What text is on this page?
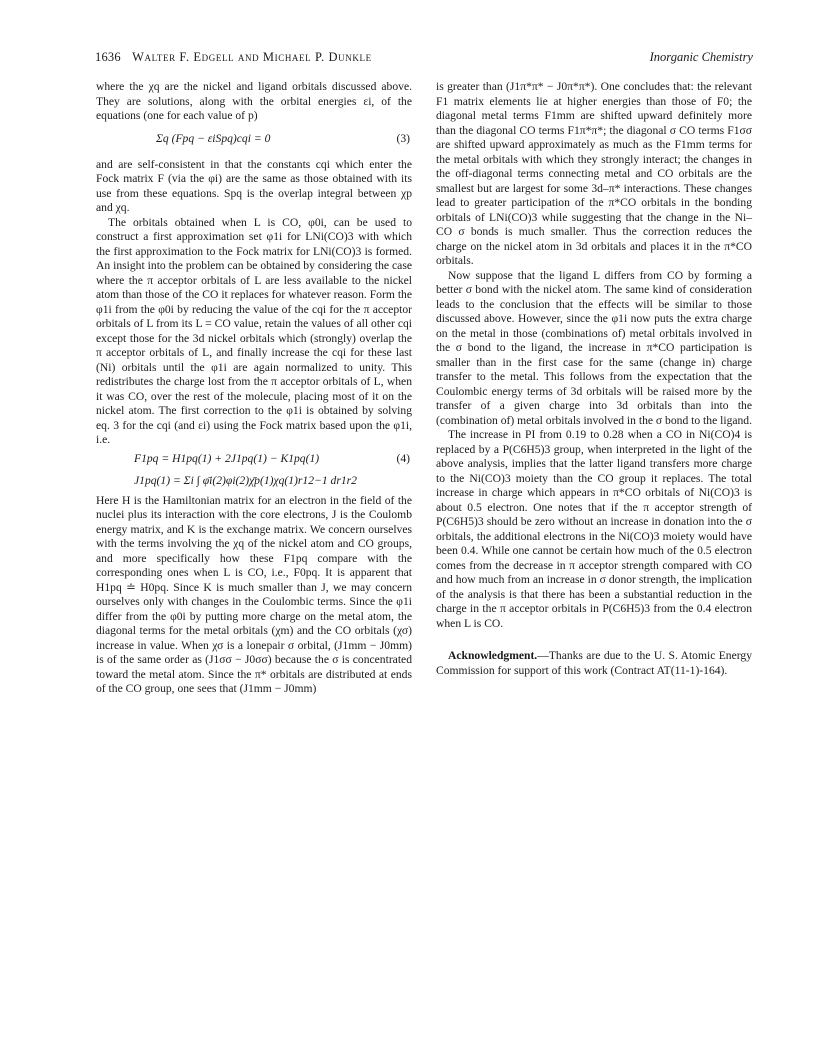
1636 Walter F. Edgell and Michael P. Dunkle	Inorganic Chemistry

where the χq are the nickel and ligand orbitals discussed above. They are solutions, along with the orbital energies εi, of the equations (one for each value of p)

Σq (Fpq − εiSpq)cqi = 0	(3)

and are self-consistent in that the constants cqi which enter the Fock matrix F (via the φi) are the same as those obtained with its use from these equations. Spq is the overlap integral between χp and χq.

The orbitals obtained when L is CO, φ0i, can be used to construct a first approximation set φ1i for LNi(CO)3 with which the first approximation to the Fock matrix for LNi(CO)3 is formed. An insight into the problem can be obtained by considering the case where the π acceptor orbitals of L are less available to the nickel atom than those of the CO it replaces for whatever reason. Form the φ1i from the φ0i by reducing the value of the cqi for the π acceptor orbitals of L from its L = CO value, retain the values of all other cqi except those for the 3d nickel orbitals which (strongly) overlap the π acceptor orbitals of L, and finally increase the cqi for these last (Ni) orbitals until the φ1i are again normalized to unity. This redistributes the charge lost from the π acceptor orbitals of L, when it was CO, over the rest of the molecule, placing most of it on the nickel atom. The first correction to the φ1i is obtained by solving eq. 3 for the cqi (and εi) using the Fock matrix based upon the φ1i, i.e.

F1pq = H1pq(1) + 2J1pq(1) − K1pq(1)	(4)
J1pq(1) = Σi ∫ φ̄i(2)φi(2)χ̄p(1)χq(1)r12−1 dr1r2

Here H is the Hamiltonian matrix for an electron in the field of the nuclei plus its interaction with the core electrons, J is the Coulomb energy matrix, and K is the exchange matrix. We concern ourselves with the terms involving the χq of the nickel atom and CO groups, and more specifically how these F1pq compare with the corresponding ones when L is CO, i.e., F0pq. It is apparent that H1pq ≐ H0pq. Since K is much smaller than J, we may concern ourselves only with changes in the Coulombic terms. Since the φ1i differ from the φ0i by putting more charge on the metal atom, the diagonal terms for the metal orbitals (χm) and the CO orbitals (χσ) increase in value. When χσ is a lonepair σ orbital, (J1mm − J0mm) is of the same order as (J1σσ − J0σσ) because the σ is concentrated toward the metal atom. Since the π* orbitals are distributed at ends of the CO group, one sees that (J1mm − J0mm)

is greater than (J1π*π* − J0π*π*). One concludes that: the relevant F1 matrix elements lie at higher energies than those of F0; the diagonal metal terms F1mm are shifted upward definitely more than the diagonal CO terms F1π*π*; the diagonal σ CO terms F1σσ are shifted upward approximately as much as the F1mm terms for the metal orbitals with which they strongly interact; the changes in the off-diagonal terms connecting metal and CO orbitals are the smallest but are largest for some 3d–π* interactions. These changes lead to greater participation of the π*CO orbitals in the bonding orbitals of LNi(CO)3 while suggesting that the change in the Ni–CO σ bonds is much smaller. Thus the correction reduces the charge on the nickel atom in 3d orbitals and places it in the π*CO orbitals.

Now suppose that the ligand L differs from CO by forming a better σ bond with the nickel atom. The same kind of consideration leads to the conclusion that the effects will be similar to those discussed above. However, since the φ1i now puts the extra charge on the metal in those (combinations of) metal orbitals involved in the σ bond to the ligand, the increase in π*CO participation is smaller than in the first case for the same (change in) charge transfer to the metal. This follows from the expectation that the Coulombic energy terms of 3d orbitals will be raised more by the transfer of a given charge into 3d orbitals than into the (combination of) metal orbitals involved in the σ bond to the ligand.

The increase in PI from 0.19 to 0.28 when a CO in Ni(CO)4 is replaced by a P(C6H5)3 group, when interpreted in the light of the above analysis, implies that the latter ligand transfers more charge to the Ni(CO)3 moiety than the CO group it replaces. The total increase in charge which appears in π*CO orbitals of Ni(CO)3 is about 0.5 electron. One notes that if the π acceptor strength of P(C6H5)3 should be zero without an increase in donation into the σ orbitals, the additional electrons in the Ni(CO)3 moiety would have been 0.4. While one cannot be certain how much of the 0.5 electron comes from the decrease in π acceptor strength compared with CO and how much from an increase in σ donor strength, the implication of the analysis is that there has been a substantial reduction in the charge in the π acceptor orbitals in P(C6H5)3 from the 0.4 electron when L is CO.

Acknowledgment.—Thanks are due to the U. S. Atomic Energy Commission for support of this work (Contract AT(11-1)-164).
